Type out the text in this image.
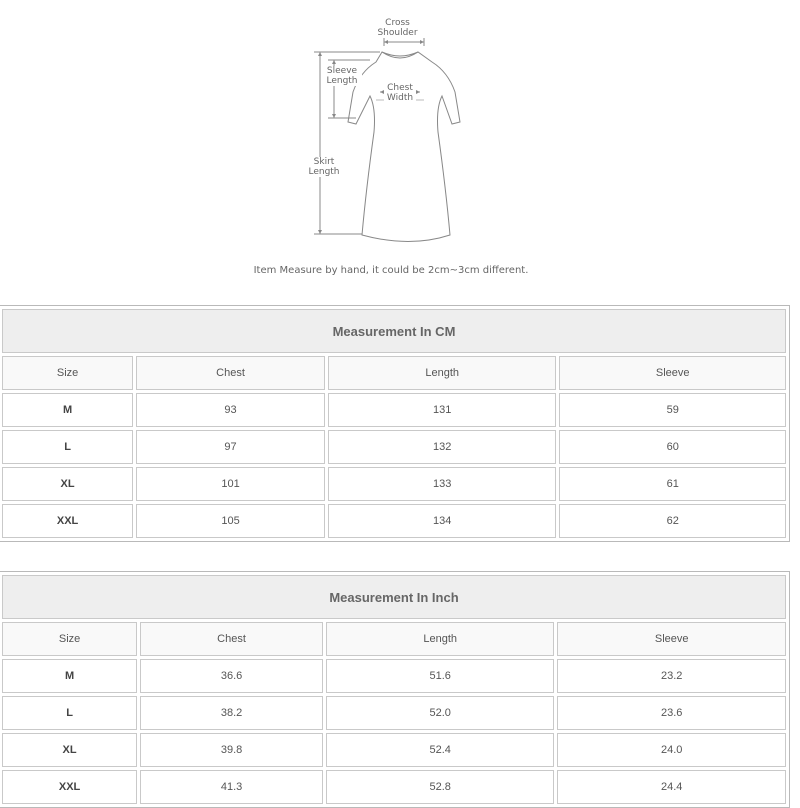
Cross
Shoulder
Sleeve
Length
Chest
Width
Skirt
Length
Item Measure by hand, it could be 2cm~3cm different.
Measurement In CM			
Size	Chest	Length	Sleeve
M	93	131	59
L	97	132	60
XL	101	133	61
XXL	105	134	62
Measurement In Inch			
Size	Chest	Length	Sleeve
M	36.6	51.6	23.2
L	38.2	52.0	23.6
XL	39.8	52.4	24.0
XXL	41.3	52.8	24.4
